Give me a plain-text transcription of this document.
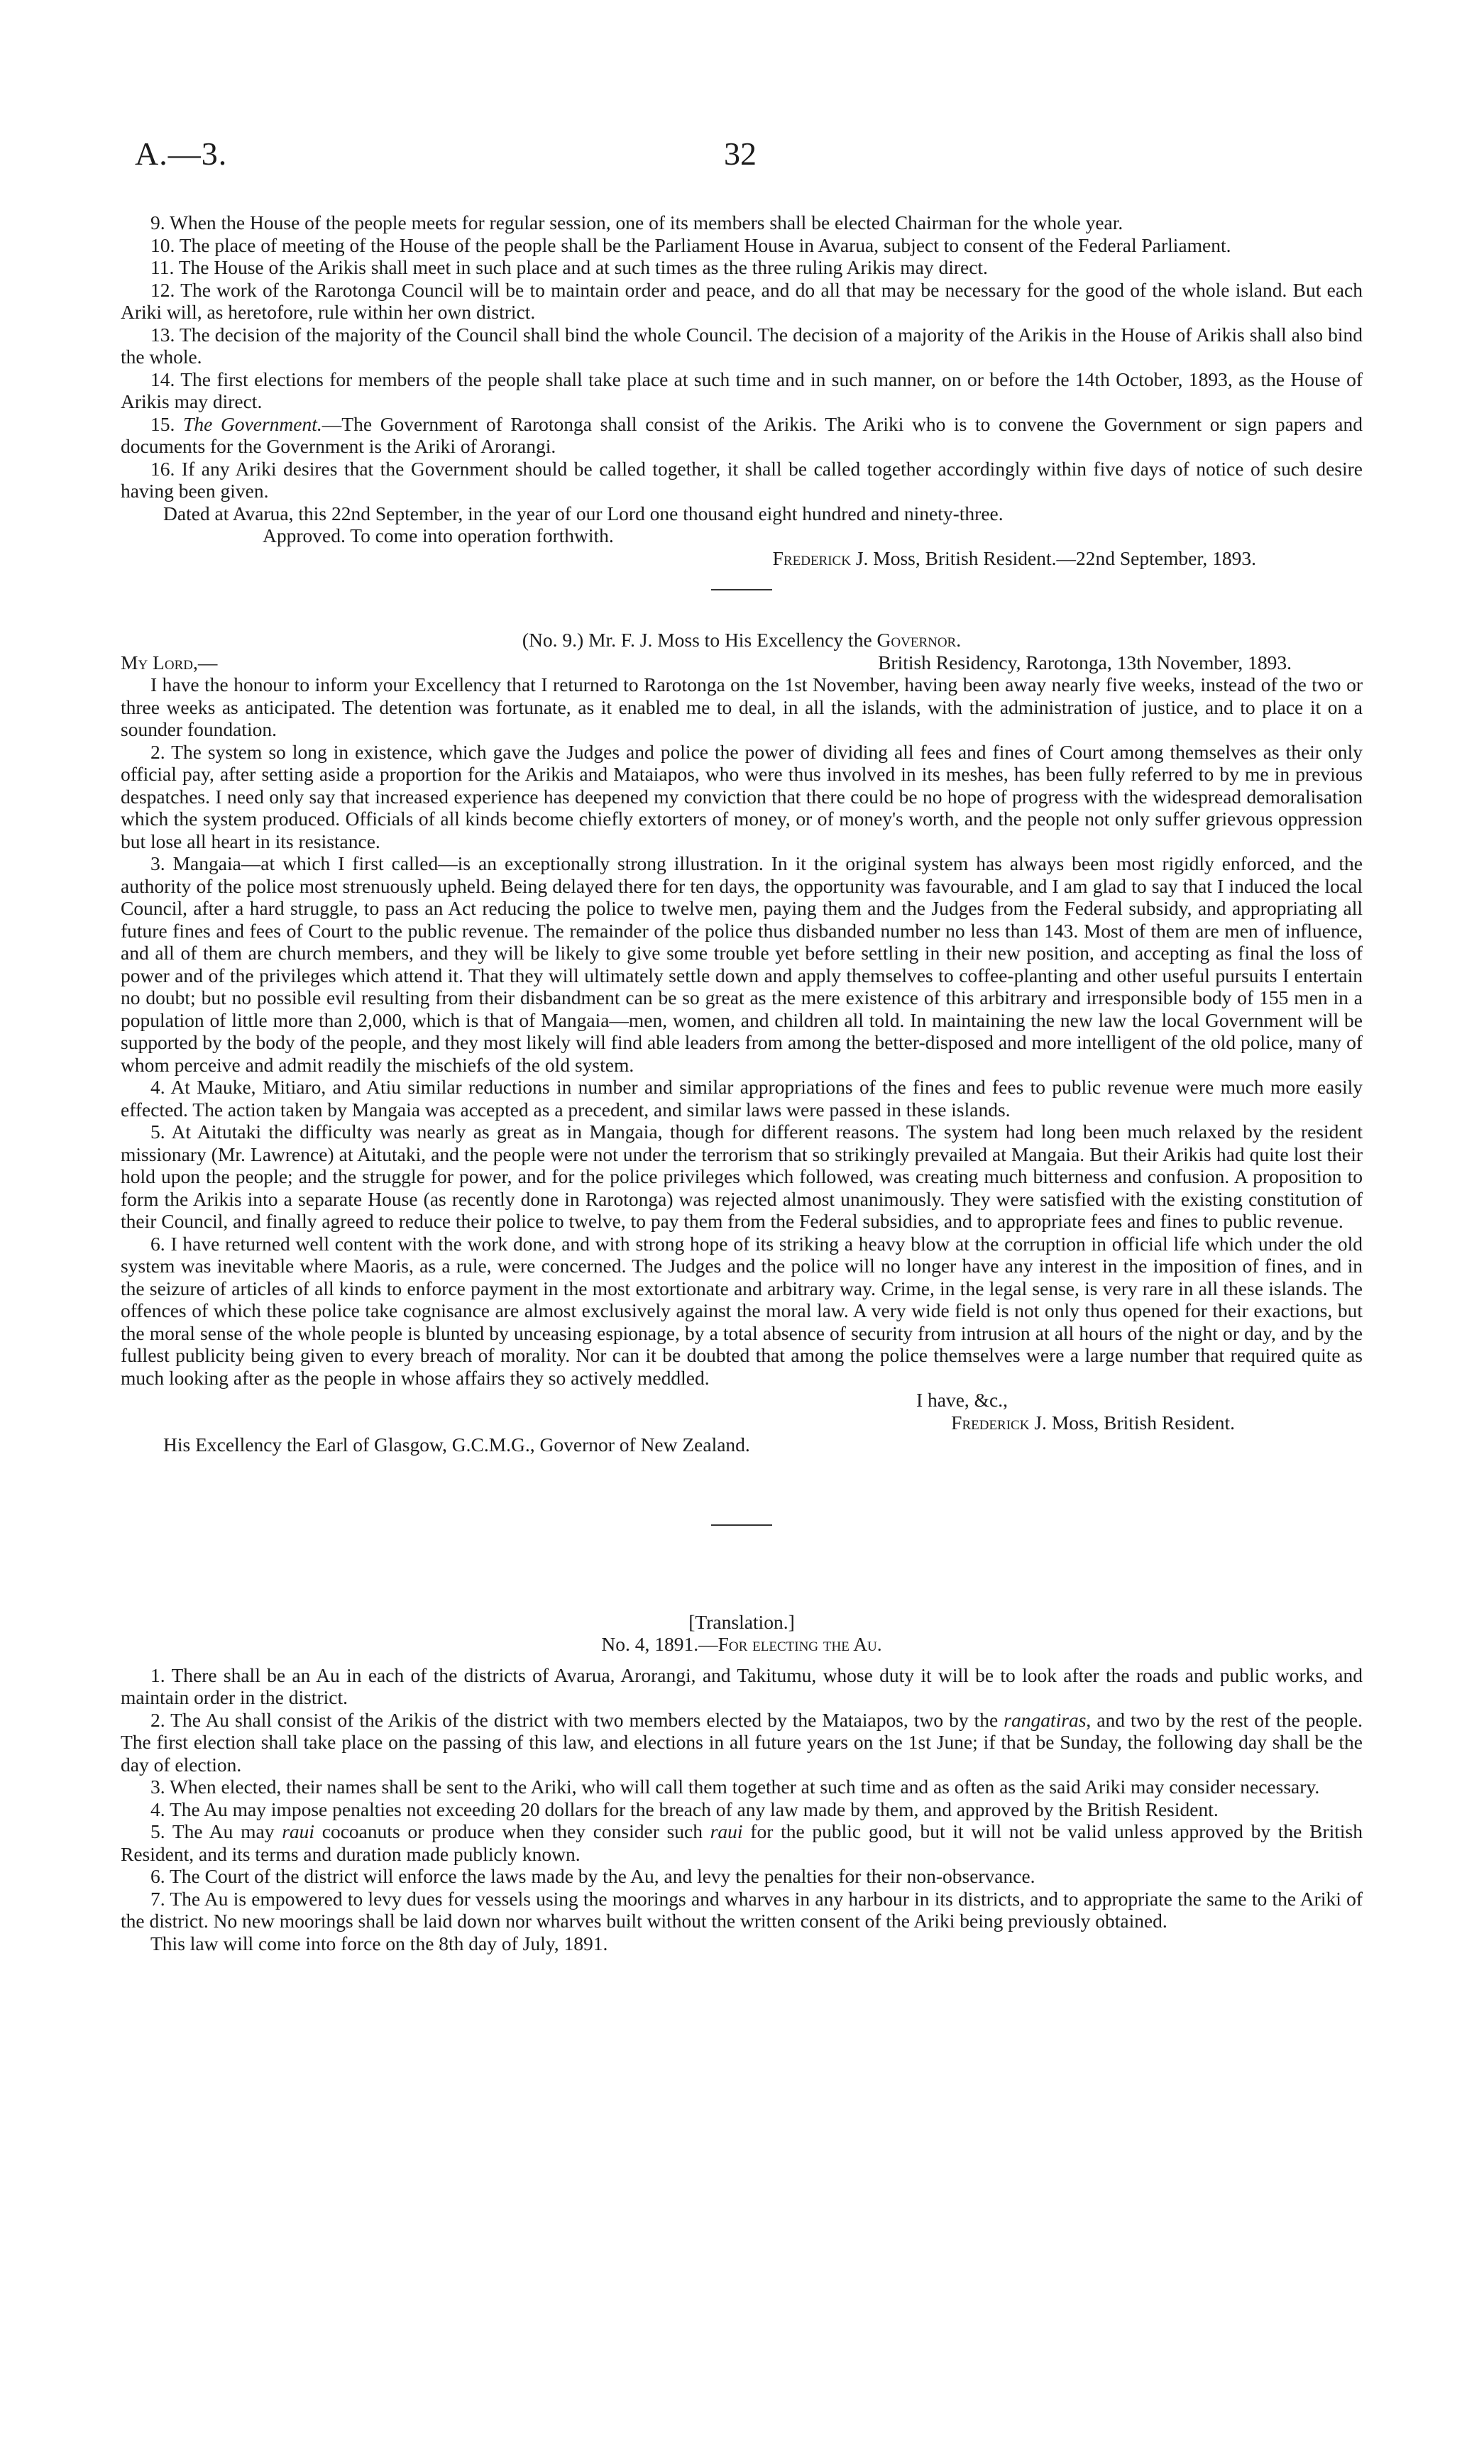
A.—3.	32

9. When the House of the people meets for regular session, one of its members shall be elected Chairman for the whole year.

10. The place of meeting of the House of the people shall be the Parliament House in Avarua, subject to consent of the Federal Parliament.

11. The House of the Arikis shall meet in such place and at such times as the three ruling Arikis may direct.

12. The work of the Rarotonga Council will be to maintain order and peace, and do all that may be necessary for the good of the whole island. But each Ariki will, as heretofore, rule within her own district.

13. The decision of the majority of the Council shall bind the whole Council. The decision of a majority of the Arikis in the House of Arikis shall also bind the whole.

14. The first elections for members of the people shall take place at such time and in such manner, on or before the 14th October, 1893, as the House of Arikis may direct.

15. The Government.—The Government of Rarotonga shall consist of the Arikis. The Ariki who is to convene the Government or sign papers and documents for the Government is the Ariki of Arorangi.

16. If any Ariki desires that the Government should be called together, it shall be called together accordingly within five days of notice of such desire having been given.

Dated at Avarua, this 22nd September, in the year of our Lord one thousand eight hundred and ninety-three.

Approved. To come into operation forthwith.

Frederick J. Moss, British Resident.—22nd September, 1893.

(No. 9.) Mr. F. J. Moss to His Excellency the Governor.

My Lord,—	British Residency, Rarotonga, 13th November, 1893.

I have the honour to inform your Excellency that I returned to Rarotonga on the 1st November, having been away nearly five weeks, instead of the two or three weeks as anticipated. The detention was fortunate, as it enabled me to deal, in all the islands, with the administration of justice, and to place it on a sounder foundation.

2. The system so long in existence, which gave the Judges and police the power of dividing all fees and fines of Court among themselves as their only official pay, after setting aside a proportion for the Arikis and Mataiapos, who were thus involved in its meshes, has been fully referred to by me in previous despatches. I need only say that increased experience has deepened my conviction that there could be no hope of progress with the widespread demoralisation which the system produced. Officials of all kinds become chiefly extorters of money, or of money's worth, and the people not only suffer grievous oppression but lose all heart in its resistance.

3. Mangaia—at which I first called—is an exceptionally strong illustration. In it the original system has always been most rigidly enforced, and the authority of the police most strenuously upheld. Being delayed there for ten days, the opportunity was favourable, and I am glad to say that I induced the local Council, after a hard struggle, to pass an Act reducing the police to twelve men, paying them and the Judges from the Federal subsidy, and appropriating all future fines and fees of Court to the public revenue. The remainder of the police thus disbanded number no less than 143. Most of them are men of influence, and all of them are church members, and they will be likely to give some trouble yet before settling in their new position, and accepting as final the loss of power and of the privileges which attend it. That they will ultimately settle down and apply themselves to coffee-planting and other useful pursuits I entertain no doubt; but no possible evil resulting from their disbandment can be so great as the mere existence of this arbitrary and irresponsible body of 155 men in a population of little more than 2,000, which is that of Mangaia—men, women, and children all told. In maintaining the new law the local Government will be supported by the body of the people, and they most likely will find able leaders from among the better-disposed and more intelligent of the old police, many of whom perceive and admit readily the mischiefs of the old system.

4. At Mauke, Mitiaro, and Atiu similar reductions in number and similar appropriations of the fines and fees to public revenue were much more easily effected. The action taken by Mangaia was accepted as a precedent, and similar laws were passed in these islands.

5. At Aitutaki the difficulty was nearly as great as in Mangaia, though for different reasons. The system had long been much relaxed by the resident missionary (Mr. Lawrence) at Aitutaki, and the people were not under the terrorism that so strikingly prevailed at Mangaia. But their Arikis had quite lost their hold upon the people; and the struggle for power, and for the police privileges which followed, was creating much bitterness and confusion. A proposition to form the Arikis into a separate House (as recently done in Rarotonga) was rejected almost unanimously. They were satisfied with the existing constitution of their Council, and finally agreed to reduce their police to twelve, to pay them from the Federal subsidies, and to appropriate fees and fines to public revenue.

6. I have returned well content with the work done, and with strong hope of its striking a heavy blow at the corruption in official life which under the old system was inevitable where Maoris, as a rule, were concerned. The Judges and the police will no longer have any interest in the imposition of fines, and in the seizure of articles of all kinds to enforce payment in the most extortionate and arbitrary way. Crime, in the legal sense, is very rare in all these islands. The offences of which these police take cognisance are almost exclusively against the moral law. A very wide field is not only thus opened for their exactions, but the moral sense of the whole people is blunted by unceasing espionage, by a total absence of security from intrusion at all hours of the night or day, and by the fullest publicity being given to every breach of morality. Nor can it be doubted that among the police themselves were a large number that required quite as much looking after as the people in whose affairs they so actively meddled.

I have, &c.,

Frederick J. Moss, British Resident.

His Excellency the Earl of Glasgow, G.C.M.G., Governor of New Zealand.

[Translation.]

No. 4, 1891.—For electing the Au.

1. There shall be an Au in each of the districts of Avarua, Arorangi, and Takitumu, whose duty it will be to look after the roads and public works, and maintain order in the district.

2. The Au shall consist of the Arikis of the district with two members elected by the Mataiapos, two by the rangatiras, and two by the rest of the people. The first election shall take place on the passing of this law, and elections in all future years on the 1st June; if that be Sunday, the following day shall be the day of election.

3. When elected, their names shall be sent to the Ariki, who will call them together at such time and as often as the said Ariki may consider necessary.

4. The Au may impose penalties not exceeding 20 dollars for the breach of any law made by them, and approved by the British Resident.

5. The Au may raui cocoanuts or produce when they consider such raui for the public good, but it will not be valid unless approved by the British Resident, and its terms and duration made publicly known.

6. The Court of the district will enforce the laws made by the Au, and levy the penalties for their non-observance.

7. The Au is empowered to levy dues for vessels using the moorings and wharves in any harbour in its districts, and to appropriate the same to the Ariki of the district. No new moorings shall be laid down nor wharves built without the written consent of the Ariki being previously obtained.

This law will come into force on the 8th day of July, 1891.
